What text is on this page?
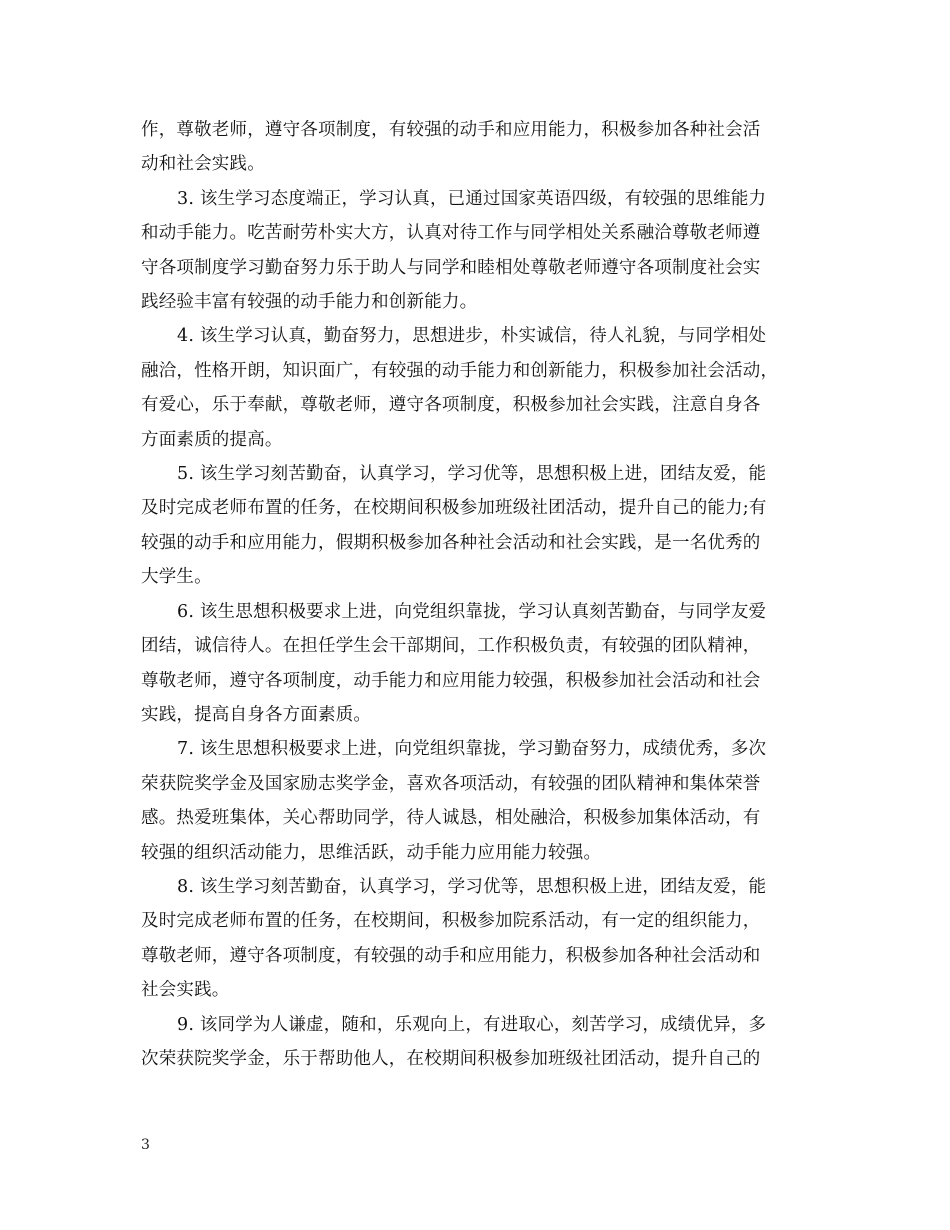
作，尊敬老师，遵守各项制度，有较强的动手和应用能力，积极参加各种社会活
动和社会实践。

3. 该生学习态度端正，学习认真，已通过国家英语四级，有较强的思维能力
和动手能力。吃苦耐劳朴实大方，认真对待工作与同学相处关系融洽尊敬老师遵
守各项制度学习勤奋努力乐于助人与同学和睦相处尊敬老师遵守各项制度社会实
践经验丰富有较强的动手能力和创新能力。

4. 该生学习认真，勤奋努力，思想进步，朴实诚信，待人礼貌，与同学相处
融洽，性格开朗，知识面广，有较强的动手能力和创新能力，积极参加社会活动，
有爱心，乐于奉献，尊敬老师，遵守各项制度，积极参加社会实践，注意自身各
方面素质的提高。

5. 该生学习刻苦勤奋，认真学习，学习优等，思想积极上进，团结友爱，能
及时完成老师布置的任务，在校期间积极参加班级社团活动，提升自己的能力;有
较强的动手和应用能力，假期积极参加各种社会活动和社会实践，是一名优秀的
大学生。

6. 该生思想积极要求上进，向党组织靠拢，学习认真刻苦勤奋，与同学友爱
团结，诚信待人。在担任学生会干部期间，工作积极负责，有较强的团队精神，
尊敬老师，遵守各项制度，动手能力和应用能力较强，积极参加社会活动和社会
实践，提高自身各方面素质。

7. 该生思想积极要求上进，向党组织靠拢，学习勤奋努力，成绩优秀，多次
荣获院奖学金及国家励志奖学金，喜欢各项活动，有较强的团队精神和集体荣誉
感。热爱班集体，关心帮助同学，待人诚恳，相处融洽，积极参加集体活动，有
较强的组织活动能力，思维活跃，动手能力应用能力较强。

8. 该生学习刻苦勤奋，认真学习，学习优等，思想积极上进，团结友爱，能
及时完成老师布置的任务，在校期间，积极参加院系活动，有一定的组织能力，
尊敬老师，遵守各项制度，有较强的动手和应用能力，积极参加各种社会活动和
社会实践。

9. 该同学为人谦虚，随和，乐观向上，有进取心，刻苦学习，成绩优异，多
次荣获院奖学金，乐于帮助他人，在校期间积极参加班级社团活动，提升自己的

3
